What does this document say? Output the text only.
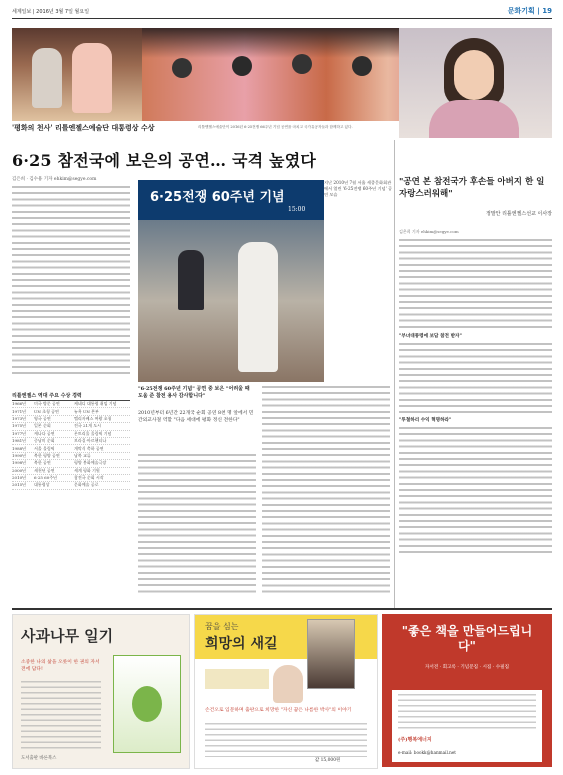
세계일보 | 2016년 3월 7일 월요일	문화기획 | 19
'평화의 천사' 리틀엔젤스예술단 대통령상 수상	리틀엔젤스예술단이 2016년 6·25전쟁 66주년 기념 공연을 마치고 국가유공자들과 함께하고 있다.
6·25 참전국에 보은의 공연… 국격 높였다
김은희 · 김수용 기자 ehkim@segye.com
6·25전쟁 60주년 기념
15:00
지난 2010년 7월 서울 세종문화회관에서 열린 '6·25전쟁 60주년 기념' 공연 모습
"6·25전쟁 60주년 기념" 공연 중 보은 "어려울 때 도움 준 참전 용사 감사합니다"
2010년부터 6년간 22개국 순회 공연 8천 명 앞에서 민간외교사절 역할 "다음 세대에 평화 정신 전한다"
리틀엔젤스 역대 주요 수상 경력
1966년	미국 방문 공연	케네디 대통령 취임 기념
1971년	UN 초청 공연	뉴욕 UN 본부
1973년	영국 공연	엘리자베스 여왕 초청
1975년	일본 순회	전국 21개 도시
1977년	캐나다 공연	몬트리올 올림픽 기념
1981년	중남미 순회	브라질·아르헨티나
1988년	서울 올림픽	개막식 축하 공연
1990년	북한 평양 공연	남북 교류
1998년	북한 공연	평양 봉화예술극장
2000년	새천년 공연	세계 평화 기원
2010년	6·25 60주년	참전국 순회 시작
2015년	대통령상	문화예술 공로
"공연 본 참전국가 후손들 아버지 한 일 자랑스러워해"
정말안 리틀엔젤스선교 이사장
김은희 기자 ehkim@segye.com
"부녀대통령에 보답 참전 받자"
"투철하리 수익 혁명하라"
사과나무 일기
소중한 나의 삶을 오롯이 한 권의 자서전에 담다!
도서출판 바른북스
꿈을 심는
희망의 새길
손건오로 입문하며 출판으로 희망한 "자신 꿈은 나름한 박사"의 이야기
값 15,000원
"좋은 책을 만들어드립니다"
자서전 · 회고록 · 기념문집 · 시집 · 수필집
(주)행복에너지
e-mail: bookk@hanmail.net
